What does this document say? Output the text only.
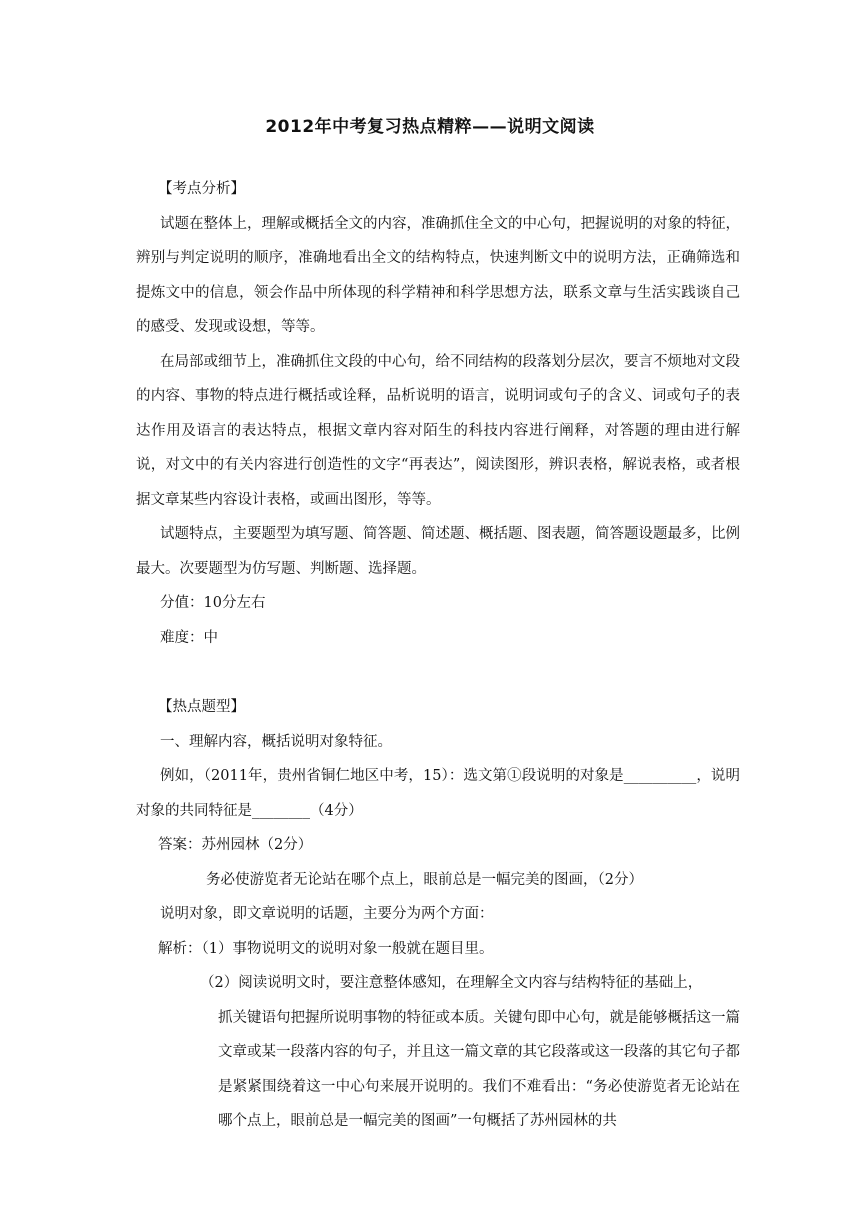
2012年中考复习热点精粹——说明文阅读

【考点分析】

试题在整体上，理解或概括全文的内容，准确抓住全文的中心句，把握说明的对象的特征，辨别与判定说明的顺序，准确地看出全文的结构特点，快速判断文中的说明方法，正确筛选和提炼文中的信息，领会作品中所体现的科学精神和科学思想方法，联系文章与生活实践谈自己的感受、发现或设想，等等。

在局部或细节上，准确抓住文段的中心句，给不同结构的段落划分层次，要言不烦地对文段的内容、事物的特点进行概括或诠释，品析说明的语言，说明词或句子的含义、词或句子的表达作用及语言的表达特点，根据文章内容对陌生的科技内容进行阐释，对答题的理由进行解说，对文中的有关内容进行创造性的文字“再表达”，阅读图形，辨识表格，解说表格，或者根据文章某些内容设计表格，或画出图形，等等。

试题特点，主要题型为填写题、简答题、简述题、概括题、图表题，简答题设题最多，比例最大。次要题型为仿写题、判断题、选择题。

分值：10分左右

难度：中

【热点题型】

一、理解内容，概括说明对象特征。

例如，（2011年，贵州省铜仁地区中考，15）：选文第①段说明的对象是__________，说明对象的共同特征是________（4分）

答案：苏州园林（2分）

务必使游览者无论站在哪个点上，眼前总是一幅完美的图画，（2分）

说明对象，即文章说明的话题，主要分为两个方面：

解析：（1）事物说明文的说明对象一般就在题目里。

（2）阅读说明文时，要注意整体感知，在理解全文内容与结构特征的基础上，

抓关键语句把握所说明事物的特征或本质。关键句即中心句，就是能够概括这一篇文章或某一段落内容的句子，并且这一篇文章的其它段落或这一段落的其它句子都是紧紧围绕着这一中心句来展开说明的。我们不难看出：“务必使游览者无论站在哪个点上，眼前总是一幅完美的图画”一句概括了苏州园林的共
